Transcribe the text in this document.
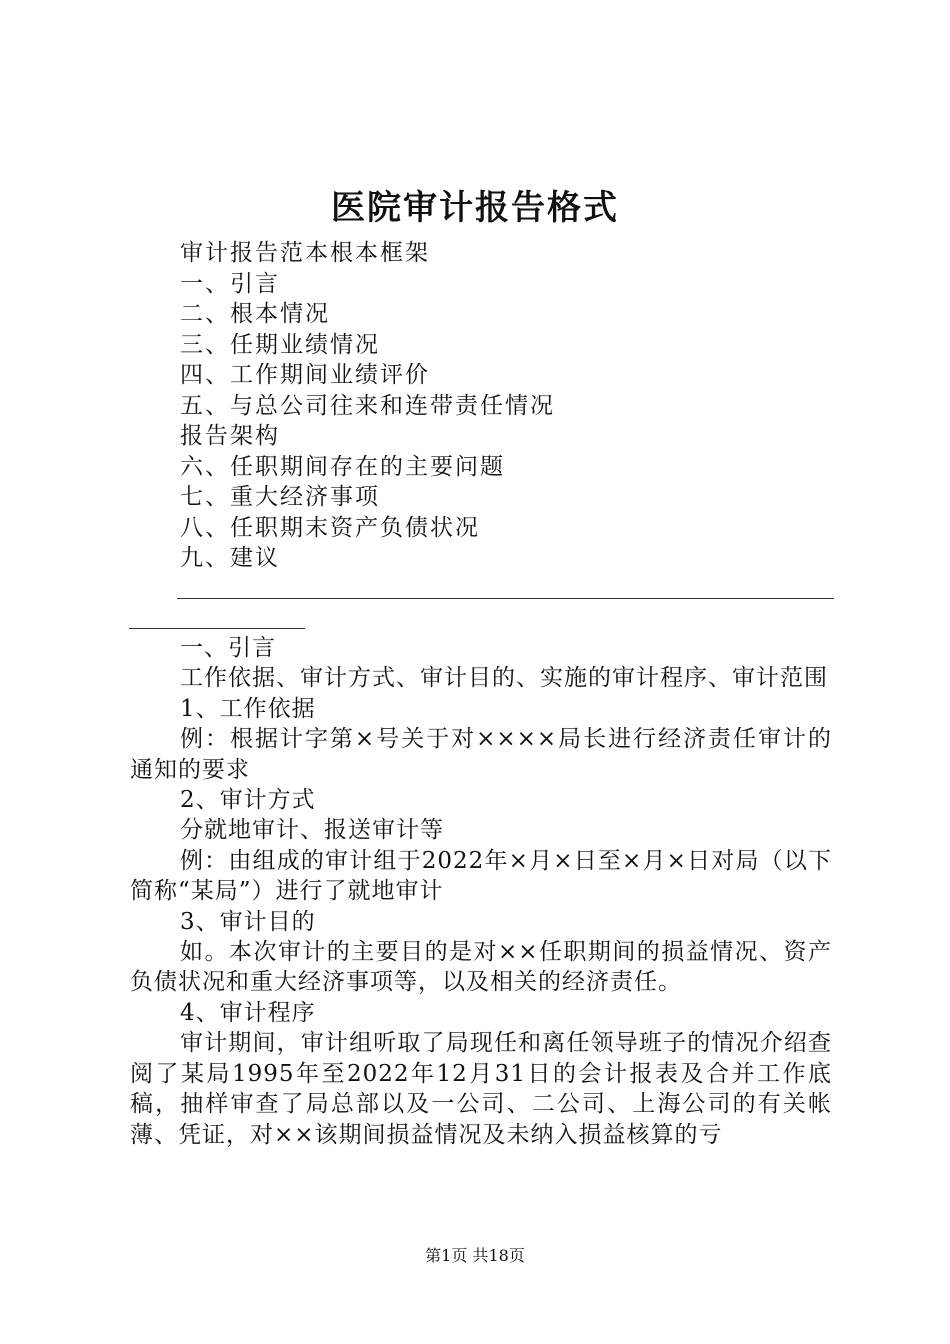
医院审计报告格式
审计报告范本根本框架
一、引言
二、根本情况
三、任期业绩情况
四、工作期间业绩评价
五、与总公司往来和连带责任情况
报告架构
六、任职期间存在的主要问题
七、重大经济事项
八、任职期末资产负债状况
九、建议

一、引言

工作依据、审计方式、审计目的、实施的审计程序、审计范围

1、工作依据

例：根据计字第×号关于对××××局长进行经济责任审计的通知的要求

2、审计方式

分就地审计、报送审计等

例：由组成的审计组于2022年×月×日至×月×日对局（以下简称“某局”）进行了就地审计

3、审计目的

如。本次审计的主要目的是对××任职期间的损益情况、资产负债状况和重大经济事项等，以及相关的经济责任。

4、审计程序

审计期间，审计组听取了局现任和离任领导班子的情况介绍查阅了某局1995年至2022年12月31日的会计报表及合并工作底稿，抽样审查了局总部以及一公司、二公司、上海公司的有关帐薄、凭证，对××该期间损益情况及未纳入损益核算的亏

第1页 共18页
